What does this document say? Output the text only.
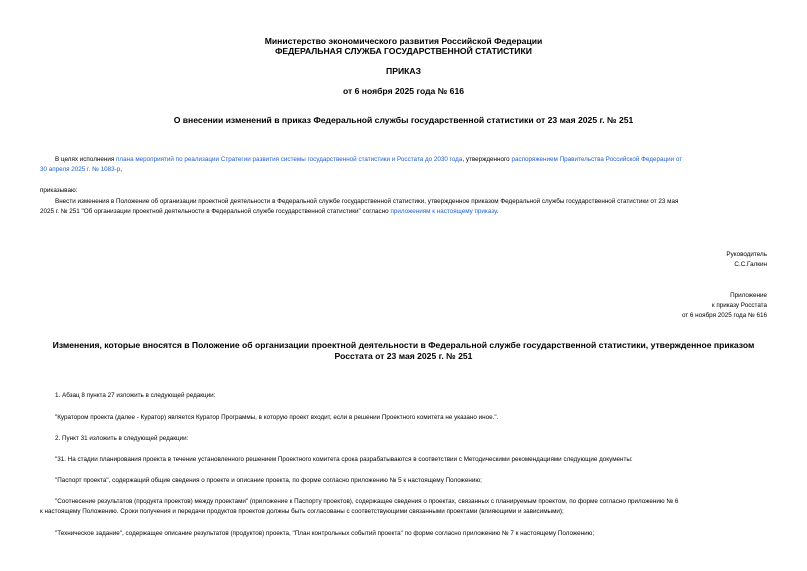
Министерство экономического развития Российской Федерации
ФЕДЕРАЛЬНАЯ СЛУЖБА ГОСУДАРСТВЕННОЙ СТАТИСТИКИ
ПРИКАЗ
от 6 ноября 2025 года № 616
О внесении изменений в приказ Федеральной службы государственной статистики от 23 мая 2025 г. № 251
В целях исполнения плана мероприятий по реализации Стратегии развития системы государственной статистики и Росстата до 2030 года, утвержденного распоряжением Правительства Российской Федерации от
30 апреля 2025 г. № 1083-р,
приказываю:
Внести изменения в Положение об организации проектной деятельности в Федеральной службе государственной статистики, утвержденное приказом Федеральной службы государственной статистики от 23 мая
2025 г. № 251 "Об организации проектной деятельности в Федеральной службе государственной статистики" согласно приложениям к настоящему приказу.
Руководитель
С.С.Галкин
Приложение
к приказу Росстата
от 6 ноября 2025 года № 616
Изменения, которые вносятся в Положение об организации проектной деятельности в Федеральной службе государственной статистики, утвержденное приказом
Росстата от 23 мая 2025 г. № 251
1. Абзац 8 пункта 27 изложить в следующей редакции:
"Куратором проекта (далее - Куратор) является Куратор Программы, в которую проект входит, если в решении Проектного комитета не указано иное.".
2. Пункт 31 изложить в следующей редакции:
"31. На стадии планирования проекта в течение установленного решением Проектного комитета срока разрабатываются в соответствии с Методическими рекомендациями следующие документы:
"Паспорт проекта", содержащий общие сведения о проекте и описание проекта, по форме согласно приложению № 5 к настоящему Положению;
"Соотнесение результатов (продукта проектов) между проектами" (приложение к Паспорту проектов), содержащее сведения о проектах, связанных с планируемым проектом, по форме согласно приложению № 6
к настоящему Положению. Сроки получения и передачи продуктов проектов должны быть согласованы с соответствующими связанными проектами (влияющими и зависимыми);
"Техническое задание", содержащее описание результатов (продуктов) проекта, "План контрольных событий проекта" по форме согласно приложению № 7 к настоящему Положению;
